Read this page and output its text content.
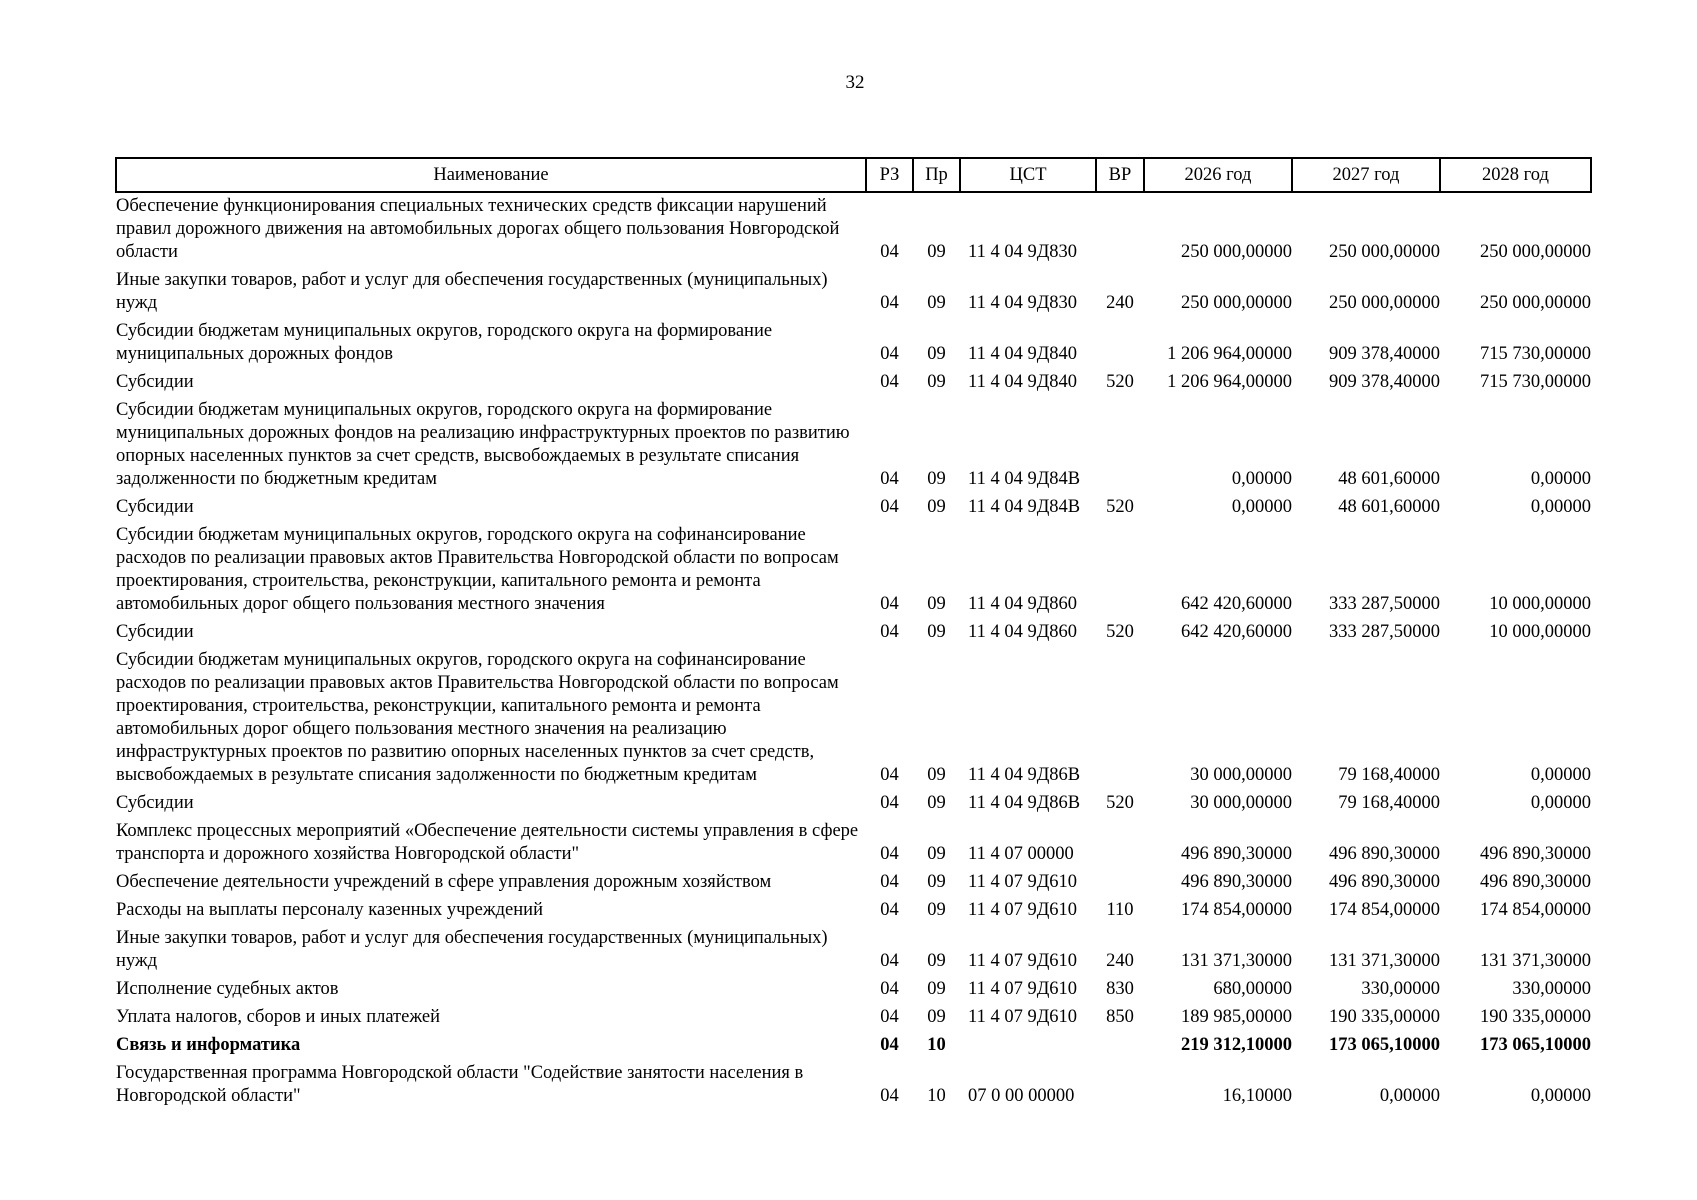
32
Наименование	РЗ	Пр	ЦСТ	ВР	2026 год	2027 год	2028 год
Обеспечение функционирования специальных технических средств фиксации нарушений правил дорожного движения на автомобильных дорогах общего пользования Новгородской области	04	09	11 4 04 9Д830		250 000,00000	250 000,00000	250 000,00000
Иные закупки товаров, работ и услуг для обеспечения государственных (муниципальных) нужд	04	09	11 4 04 9Д830	240	250 000,00000	250 000,00000	250 000,00000
Субсидии бюджетам муниципальных округов, городского округа на формирование муниципальных дорожных фондов	04	09	11 4 04 9Д840		1 206 964,00000	909 378,40000	715 730,00000
Субсидии	04	09	11 4 04 9Д840	520	1 206 964,00000	909 378,40000	715 730,00000
Субсидии бюджетам муниципальных округов, городского округа на формирование муниципальных дорожных фондов на реализацию инфраструктурных проектов по развитию опорных населенных пунктов за счет средств, высвобождаемых в результате списания задолженности по бюджетным кредитам	04	09	11 4 04 9Д84В		0,00000	48 601,60000	0,00000
Субсидии	04	09	11 4 04 9Д84В	520	0,00000	48 601,60000	0,00000
Субсидии бюджетам муниципальных округов, городского округа на софинансирование расходов по реализации правовых актов Правительства Новгородской области по вопросам проектирования, строительства, реконструкции, капитального ремонта и ремонта автомобильных дорог общего пользования местного значения	04	09	11 4 04 9Д860		642 420,60000	333 287,50000	10 000,00000
Субсидии	04	09	11 4 04 9Д860	520	642 420,60000	333 287,50000	10 000,00000
Субсидии бюджетам муниципальных округов, городского округа на софинансирование расходов по реализации правовых актов Правительства Новгородской области по вопросам проектирования, строительства, реконструкции, капитального ремонта и ремонта автомобильных дорог общего пользования местного значения на реализацию инфраструктурных проектов по развитию опорных населенных пунктов за счет средств, высвобождаемых в результате списания задолженности по бюджетным кредитам	04	09	11 4 04 9Д86В		30 000,00000	79 168,40000	0,00000
Субсидии	04	09	11 4 04 9Д86В	520	30 000,00000	79 168,40000	0,00000
Комплекс процессных мероприятий «Обеспечение деятельности системы управления в сфере транспорта и дорожного хозяйства Новгородской области"	04	09	11 4 07 00000		496 890,30000	496 890,30000	496 890,30000
Обеспечение деятельности учреждений в сфере управления дорожным хозяйством	04	09	11 4 07 9Д610		496 890,30000	496 890,30000	496 890,30000
Расходы на выплаты персоналу казенных учреждений	04	09	11 4 07 9Д610	110	174 854,00000	174 854,00000	174 854,00000
Иные закупки товаров, работ и услуг для обеспечения государственных (муниципальных) нужд	04	09	11 4 07 9Д610	240	131 371,30000	131 371,30000	131 371,30000
Исполнение судебных актов	04	09	11 4 07 9Д610	830	680,00000	330,00000	330,00000
Уплата налогов, сборов и иных платежей	04	09	11 4 07 9Д610	850	189 985,00000	190 335,00000	190 335,00000
Связь и информатика	04	10			219 312,10000	173 065,10000	173 065,10000
Государственная программа Новгородской области "Содействие занятости населения в Новгородской области"	04	10	07 0 00 00000		16,10000	0,00000	0,00000
